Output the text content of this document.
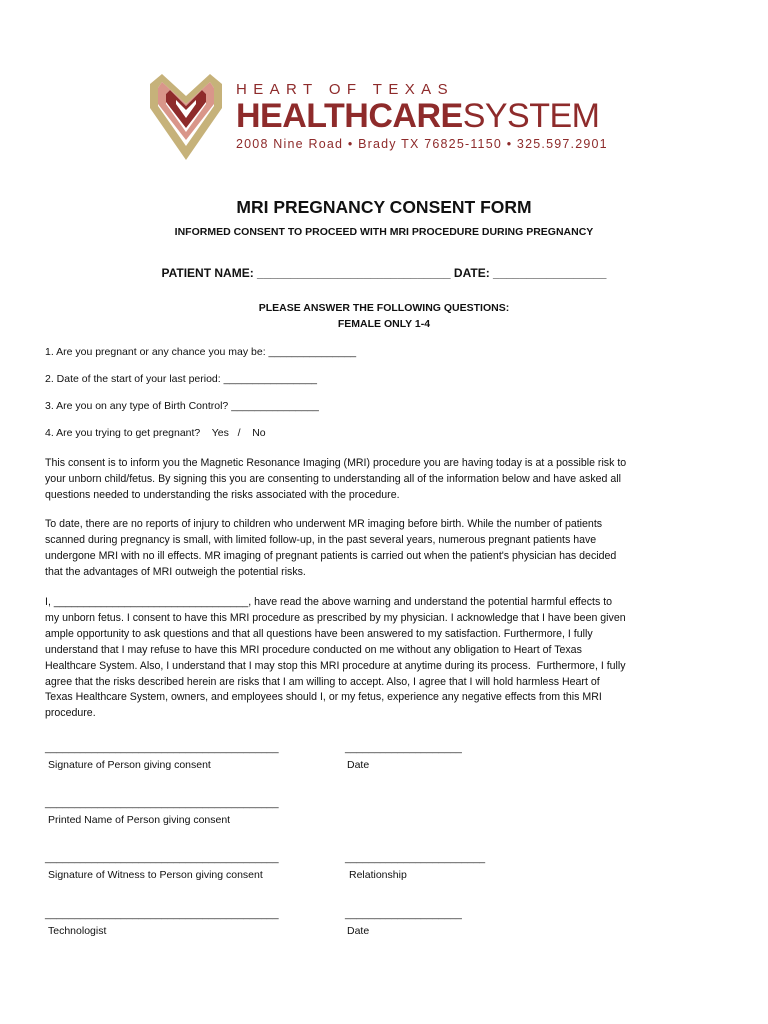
HEART OF TEXAS
HEALTHCARESYSTEM
2008 Nine Road • Brady TX 76825-1150 • 325.597.2901
MRI PREGNANCY CONSENT FORM
INFORMED CONSENT TO PROCEED WITH MRI PROCEDURE DURING PREGNANCY
PATIENT NAME: _____________________________ DATE: _________________
PLEASE ANSWER THE FOLLOWING QUESTIONS:
FEMALE ONLY 1-4
1. Are you pregnant or any chance you may be: _______________
2. Date of the start of your last period: ________________
3. Are you on any type of Birth Control? _______________
4. Are you trying to get pregnant?    Yes   /    No
This consent is to inform you the Magnetic Resonance Imaging (MRI) procedure you are having today is at a possible risk to
your unborn child/fetus. By signing this you are consenting to understanding all of the information below and have asked all
questions needed to understanding the risks associated with the procedure.
To date, there are no reports of injury to children who underwent MR imaging before birth. While the number of patients
scanned during pregnancy is small, with limited follow-up, in the past several years, numerous pregnant patients have
undergone MRI with no ill effects. MR imaging of pregnant patients is carried out when the patient's physician has decided
that the advantages of MRI outweigh the potential risks.
I, _________________________________, have read the above warning and understand the potential harmful effects to
my unborn fetus. I consent to have this MRI procedure as prescribed by my physician. I acknowledge that I have been given
ample opportunity to ask questions and that all questions have been answered to my satisfaction. Furthermore, I fully
understand that I may refuse to have this MRI procedure conducted on me without any obligation to Heart of Texas
Healthcare System. Also, I understand that I may stop this MRI procedure at anytime during its process.  Furthermore, I fully
agree that the risks described herein are risks that I am willing to accept. Also, I agree that I will hold harmless Heart of
Texas Healthcare System, owners, and employees should I, or my fetus, experience any negative effects from this MRI
procedure.
________________________________________	____________________
Signature of Person giving consent	Date
________________________________________
Printed Name of Person giving consent
________________________________________	________________________
Signature of Witness to Person giving consent	Relationship
________________________________________	____________________
Technologist	Date
